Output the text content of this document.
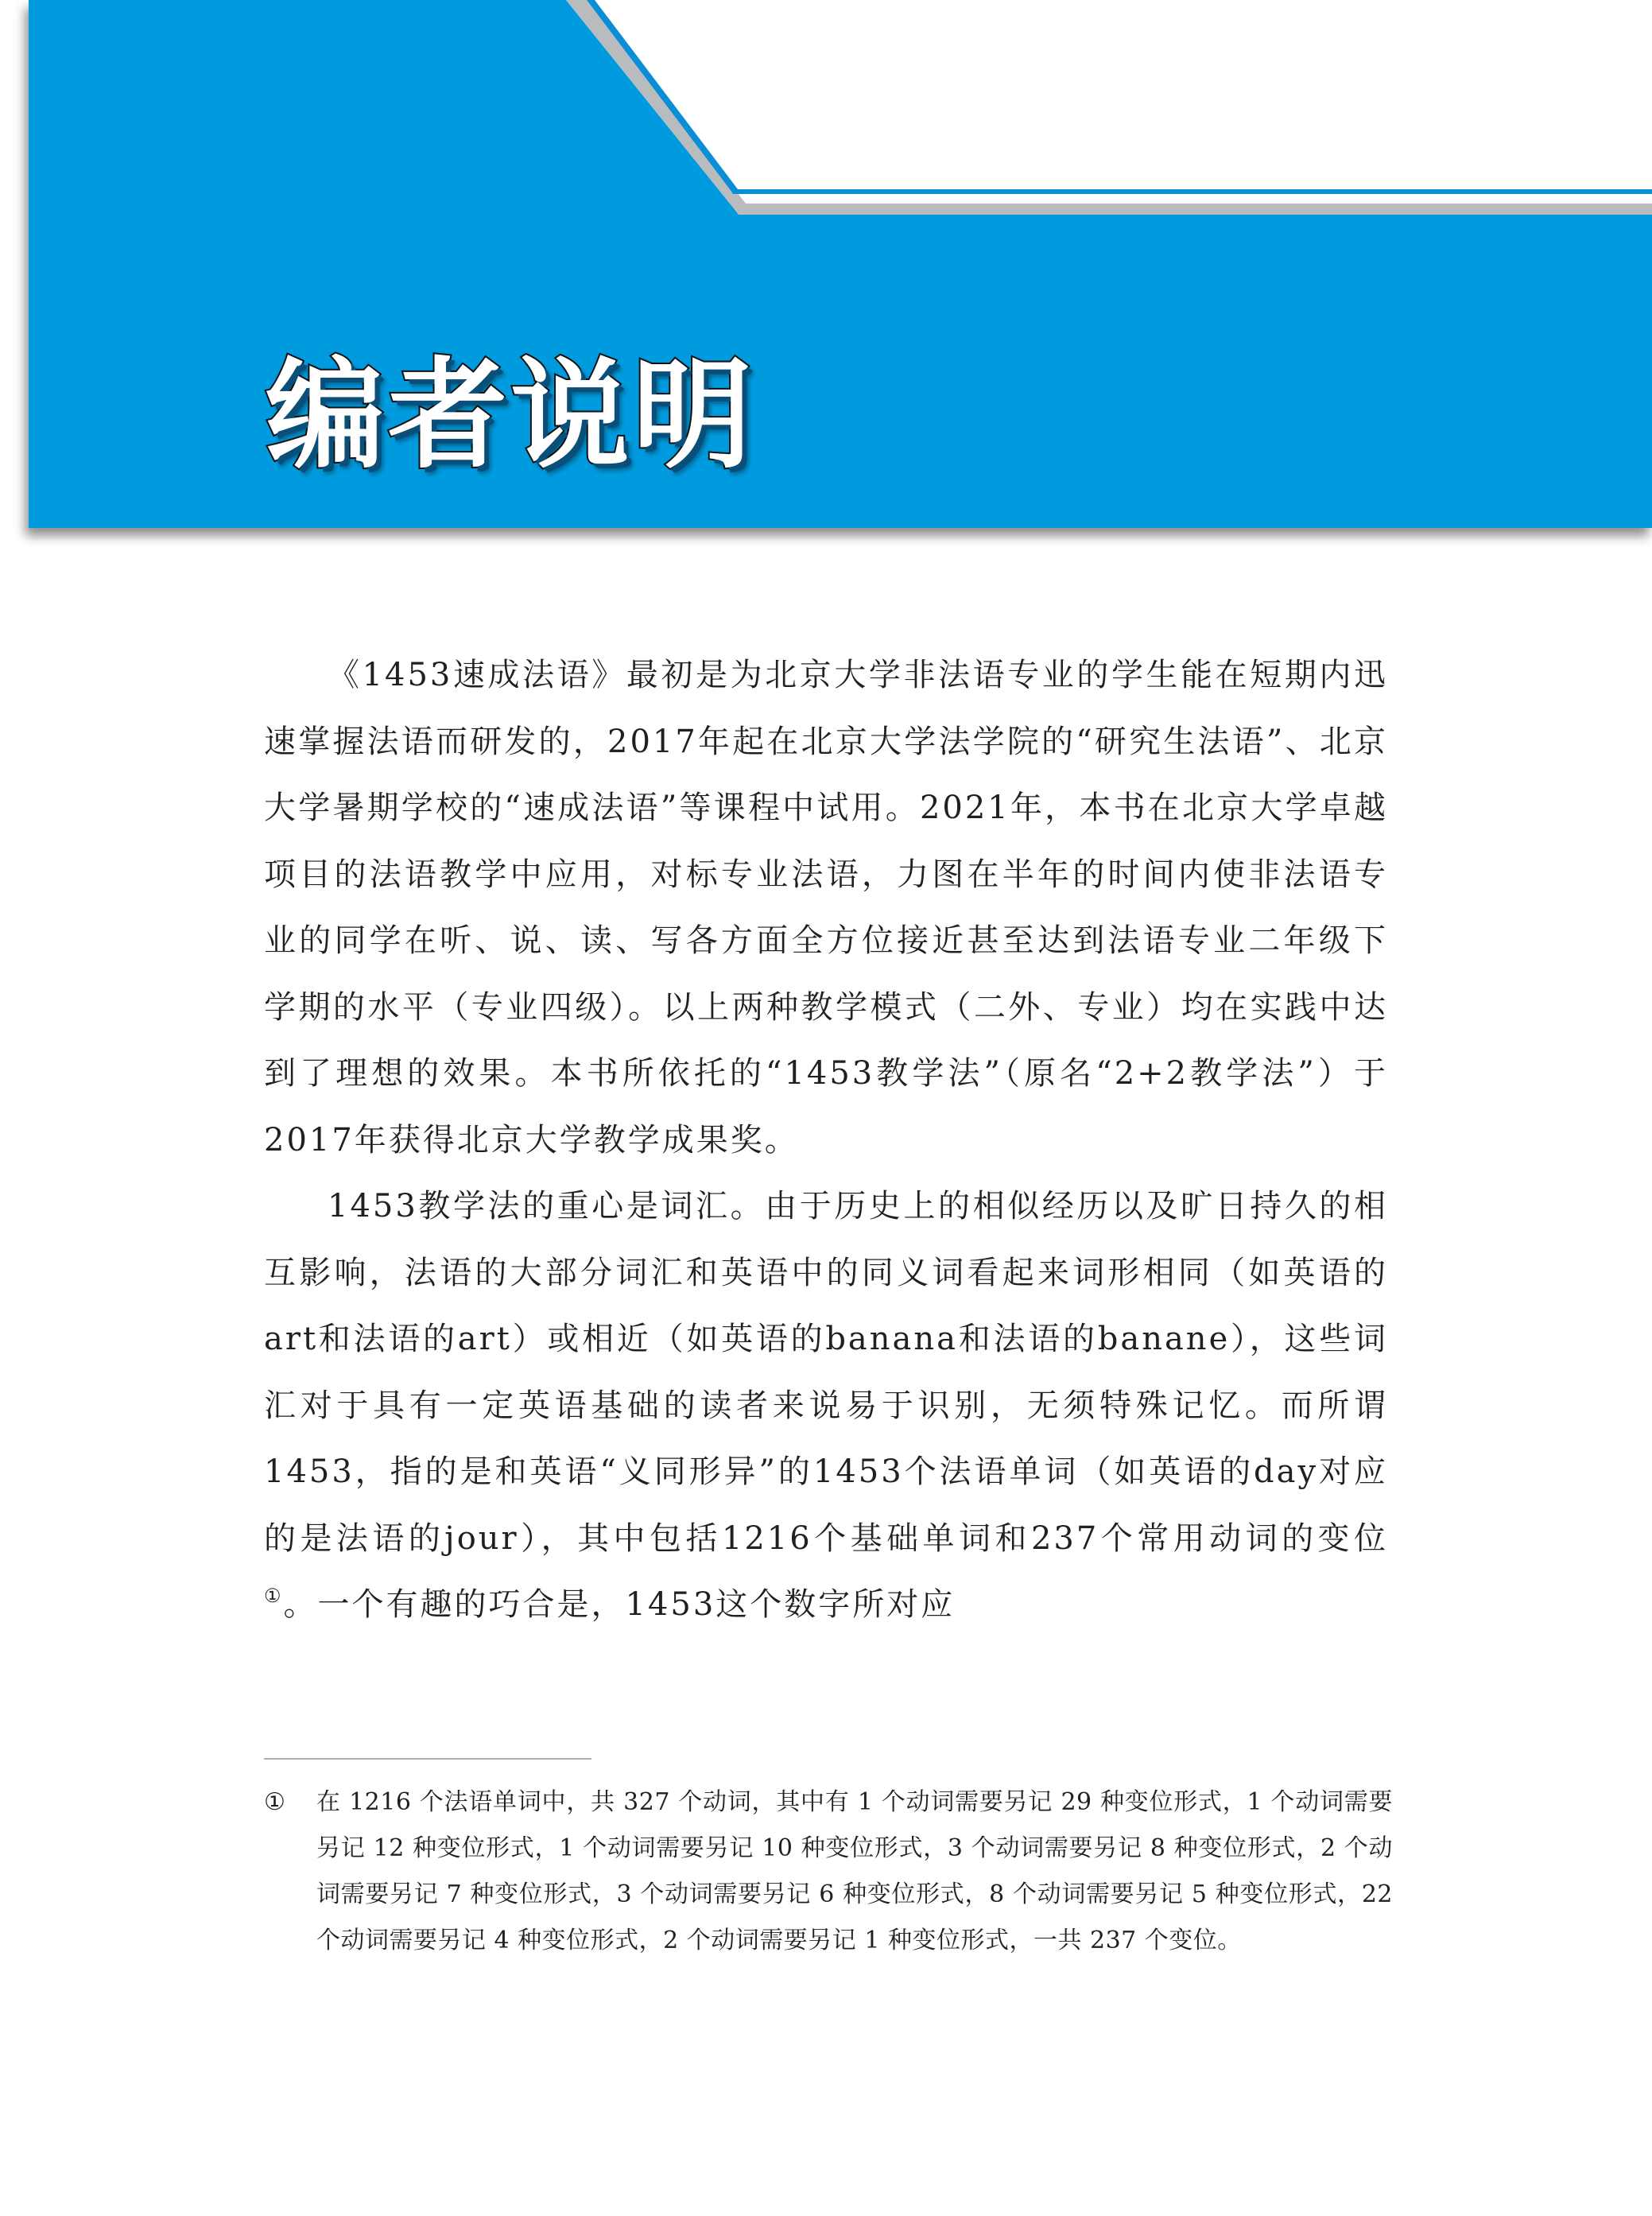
编者说明

《1453速成法语》最初是为北京大学非法语专业的学生能在短期内迅速掌握法语而研发的，2017年起在北京大学法学院的“研究生法语”、北京大学暑期学校的“速成法语”等课程中试用。2021年，本书在北京大学卓越项目的法语教学中应用，对标专业法语，力图在半年的时间内使非法语专业的同学在听、说、读、写各方面全方位接近甚至达到法语专业二年级下学期的水平（专业四级）。以上两种教学模式（二外、专业）均在实践中达到了理想的效果。本书所依托的“1453教学法”（原名“2+2教学法”）于2017年获得北京大学教学成果奖。

1453教学法的重心是词汇。由于历史上的相似经历以及旷日持久的相互影响，法语的大部分词汇和英语中的同义词看起来词形相同（如英语的art和法语的art）或相近（如英语的banana和法语的banane），这些词汇对于具有一定英语基础的读者来说易于识别，无须特殊记忆。而所谓1453，指的是和英语“义同形异”的1453个法语单词（如英语的day对应的是法语的jour），其中包括1216个基础单词和237个常用动词的变位①。一个有趣的巧合是，1453这个数字所对应

① 在 1216 个法语单词中，共 327 个动词，其中有 1 个动词需要另记 29 种变位形式，1 个动词需要另记 12 种变位形式，1 个动词需要另记 10 种变位形式，3 个动词需要另记 8 种变位形式，2 个动词需要另记 7 种变位形式，3 个动词需要另记 6 种变位形式，8 个动词需要另记 5 种变位形式，22 个动词需要另记 4 种变位形式，2 个动词需要另记 1 种变位形式，一共 237 个变位。
